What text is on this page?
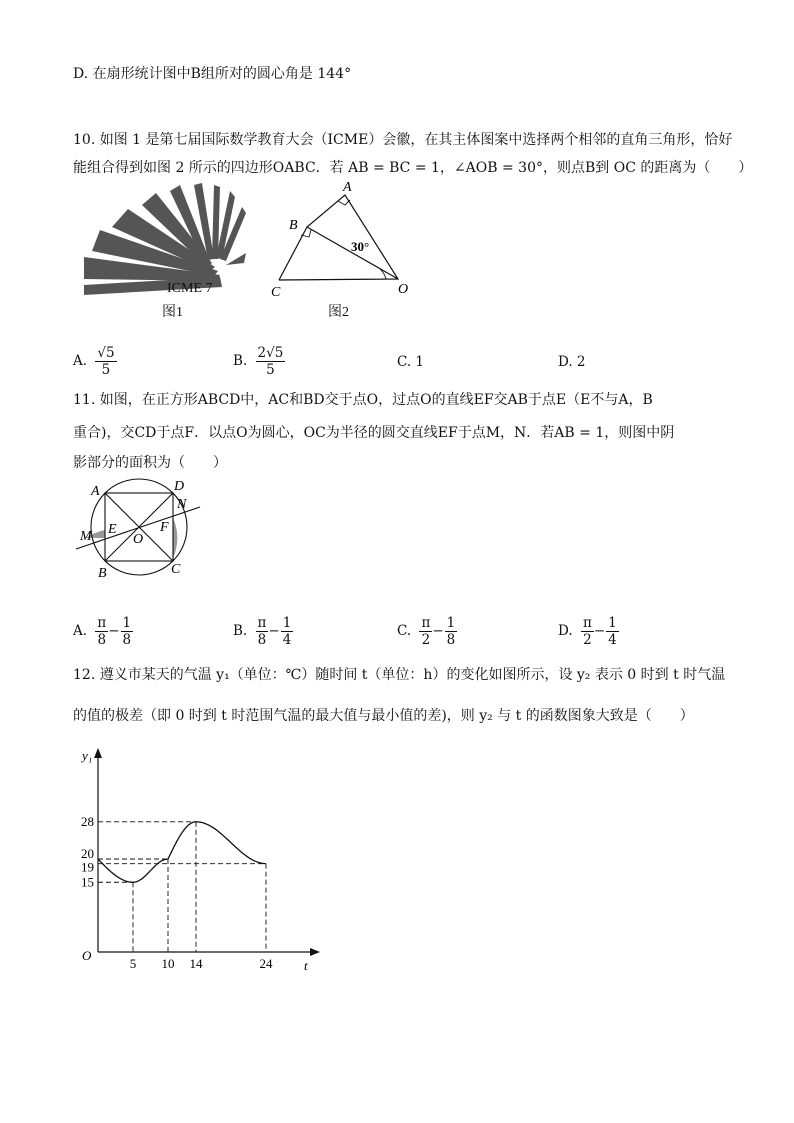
D. 在扇形统计图中B组所对的圆心角是 144°
10. 如图 1 是第七届国际数学教育大会（ICME）会徽，在其主体图案中选择两个相邻的直角三角形，恰好
能组合得到如图 2 所示的四边形OABC．若 AB = BC = 1，∠AOB = 30°，则点B到 OC 的距离为（　　）
ICME 7
图1
A
B
C	O
30°
图2
A. $\frac{√5}{5}$	B. $\frac{2√5}{5}$	C. 1	D. 2
11. 如图，在正方形ABCD中，AC和BD交于点O，过点O的直线EF交AB于点E（E不与A，B
重合)，交CD于点F．以点O为圆心，OC为半径的圆交直线EF于点M，N．若AB = 1，则图中阴
影部分的面积为（　　）
A	D
N
M E	F
O
B	C
A. $\frac{\pi}{8} - \frac{1}{8}$	B. $\frac{\pi}{8} - \frac{1}{4}$	C. $\frac{\pi}{2} - \frac{1}{8}$	D. $\frac{\pi}{2} - \frac{1}{4}$
12. 遵义市某天的气温 y₁（单位：℃）随时间 t（单位：h）的变化如图所示，设 y₂ 表示 0 时到 t 时气温
的值的极差（即 0 时到 t 时范围气温的最大值与最小值的差)，则 y₂ 与 t 的函数图象大致是（　　）
5 10 14	24
15
19
20
28
O
t
y₁
